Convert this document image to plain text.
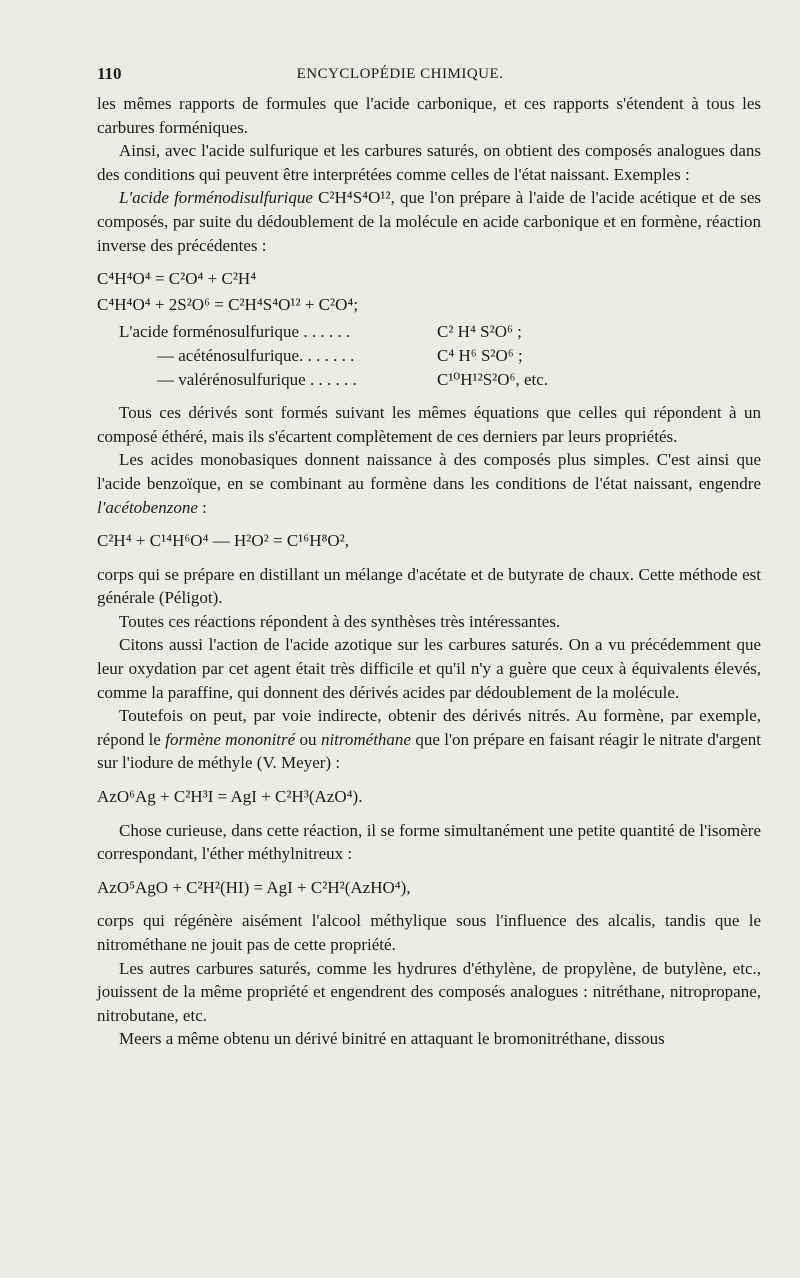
110	ENCYCLOPÉDIE CHIMIQUE.

les mêmes rapports de formules que l'acide carbonique, et ces rapports s'étendent à tous les carbures forméniques.

Ainsi, avec l'acide sulfurique et les carbures saturés, on obtient des composés analogues dans des conditions qui peuvent être interprétées comme celles de l'état naissant. Exemples :

L'acide forménodisulfurique C²H⁴S⁴O¹², que l'on prépare à l'aide de l'acide acétique et de ses composés, par suite du dédoublement de la molécule en acide carbonique et en formène, réaction inverse des précédentes :

C⁴H⁴O⁴ = C²O⁴ + C²H⁴

C⁴H⁴O⁴ + 2S²O⁶ = C²H⁴S⁴O¹² + C²O⁴;

L'acide forménosulfurique . . . . . .	C² H⁴ S²O⁶ ;
— acéténosulfurique. . . . . . .	C⁴ H⁶ S²O⁶ ;
— valérénosulfurique . . . . . .	C¹⁰H¹²S²O⁶, etc.

Tous ces dérivés sont formés suivant les mêmes équations que celles qui répondent à un composé éthéré, mais ils s'écartent complètement de ces derniers par leurs propriétés.

Les acides monobasiques donnent naissance à des composés plus simples. C'est ainsi que l'acide benzoïque, en se combinant au formène dans les conditions de l'état naissant, engendre l'acétobenzone :

C²H⁴ + C¹⁴H⁶O⁴ — H²O² = C¹⁶H⁸O²,

corps qui se prépare en distillant un mélange d'acétate et de butyrate de chaux. Cette méthode est générale (Péligot).

Toutes ces réactions répondent à des synthèses très intéressantes.

Citons aussi l'action de l'acide azotique sur les carbures saturés. On a vu précédemment que leur oxydation par cet agent était très difficile et qu'il n'y a guère que ceux à équivalents élevés, comme la paraffine, qui donnent des dérivés acides par dédoublement de la molécule.

Toutefois on peut, par voie indirecte, obtenir des dérivés nitrés. Au formène, par exemple, répond le formène mononitré ou nitrométhane que l'on prépare en faisant réagir le nitrate d'argent sur l'iodure de méthyle (V. Meyer) :

AzO⁶Ag + C²H³I = AgI + C²H³(AzO⁴).

Chose curieuse, dans cette réaction, il se forme simultanément une petite quantité de l'isomère correspondant, l'éther méthylnitreux :

AzO⁵AgO + C²H²(HI) = AgI + C²H²(AzHO⁴),

corps qui régénère aisément l'alcool méthylique sous l'influence des alcalis, tandis que le nitrométhane ne jouit pas de cette propriété.

Les autres carbures saturés, comme les hydrures d'éthylène, de propylène, de butylène, etc., jouissent de la même propriété et engendrent des composés analogues : nitréthane, nitropropane, nitrobutane, etc.

Meers a même obtenu un dérivé binitré en attaquant le bromonitréthane, dissous
